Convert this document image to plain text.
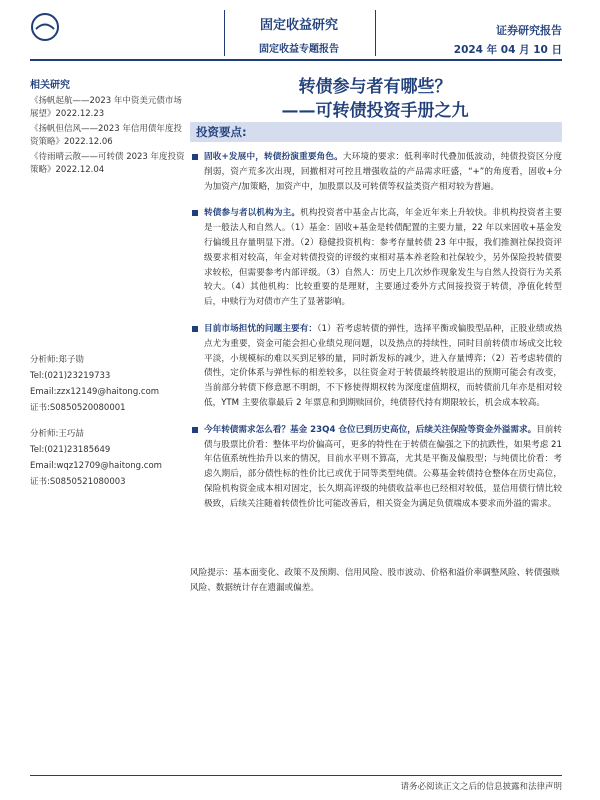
固定收益研究
固定收益专题报告
证券研究报告
2024 年 04 月 10 日
相关研究
《扬帆起航——2023 年中资美元债市场展望》2022.12.23
《扬帆但信风——2023 年信用债年度投资策略》2022.12.06
《待雨晴云散——可转债 2023 年度投资策略》2022.12.04
分析师:郑子勋
Tel:(021)23219733
Email:zzx12149@haitong.com
证书:S0850520080001
分析师:王巧喆
Tel:(021)23185649
Email:wqz12709@haitong.com
证书:S0850521080003
转债参与者有哪些？
——可转债投资手册之九
投资要点:
固收+发展中，转债扮演重要角色。大环境的要求：低利率时代叠加低波动，纯债投资区分度削弱，资产荒多次出现，回撤相对可控且增强收益的产品需求旺盛，“+”的角度看，固收+分为加资产/加策略，加资产中，加股票以及可转债等权益类资产相对较为普遍。
转债参与者以机构为主。机构投资者中基金占比高，年金近年来上升较快。非机构投资者主要是一般法人和自然人。（1）基金：固收+基金是转债配置的主要力量，22 年以来固收+基金发行偏缓且存量明显下滑。（2）稳健投资机构：参考存量转债 23 年中报，我们推测社保投资评级要求相对较高，年金对转债投资的评级约束相对基本养老险和社保较少，另外保险投转债要求较松，但需要参考内部评级。（3）自然人：历史上几次炒作现象发生与自然人投资行为关系较大。（4）其他机构：比较重要的是理财，主要通过委外方式间接投资于转债，净值化转型后，申赎行为对债市产生了显著影响。
目前市场担忧的问题主要有：（1）若考虑转债的弹性，选择平衡或偏股型品种，正股业绩或热点尤为重要，资金可能会担心业绩兑现问题，以及热点的持续性，同时目前转债市场成交比较平淡，小规模标的难以买到足够的量，同时新发标的减少，进入存量博弈；（2）若考虑转债的债性，定价体系与弹性标的相差较多，以往资金对于转债最终转股退出的预期可能会有改变，当前部分转债下修意愿不明朗，不下修使得期权转为深度虚值期权，而转债前几年亦是相对较低，YTM 主要依靠最后 2 年票息和到期赎回价，纯债替代持有期限较长，机会成本较高。
今年转债需求怎么看？基金 23Q4 仓位已到历史高位，后续关注保险等资金外溢需求。目前转债与股票比价看：整体平均价偏高可，更多的特性在于转债在偏强之下的抗跌性，如果考虑 21 年估值系统性抬升以来的情况，目前水平则不算高，尤其是平衡及偏股型；与纯债比价看：考虑久期后，部分债性标的性价比已或优于同等类型纯债。公募基金转债持仓整体在历史高位，保险机构资金成本相对固定，长久期高评级的纯债收益率也已经相对较低，显信用债行情比较极致，后续关注随着转债性价比可能改善后，相关资金为满足负债端成本要求而外溢的需求。
风险提示：基本面变化、政策不及预期、信用风险、股市波动、价格和溢价率调整风险、转债强赎风险、数据统计存在遗漏或偏差。
请务必阅读正文之后的信息披露和法律声明
